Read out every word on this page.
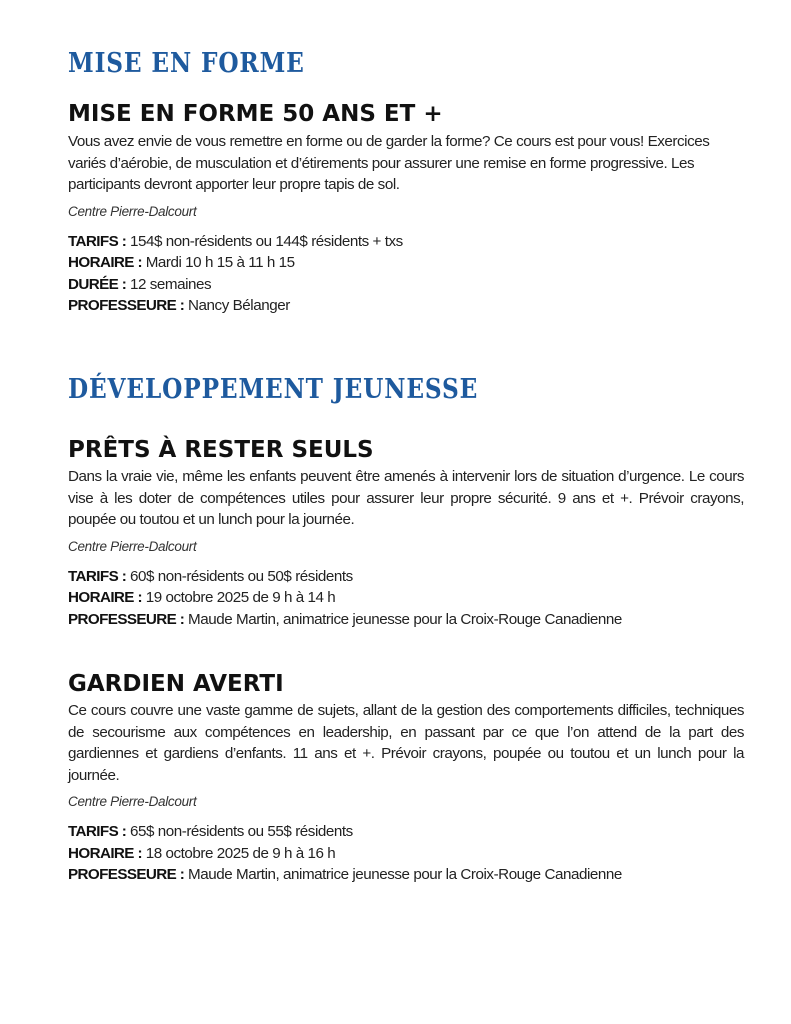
MISE EN FORME
MISE EN FORME 50 ANS ET +

Vous avez envie de vous remettre en forme ou de garder la forme? Ce cours est pour vous! Exercices variés d’aérobie, de musculation et d’étirements pour assurer une remise en forme progressive. Les participants devront apporter leur propre tapis de sol.

Centre Pierre-Dalcourt

TARIFS : 154$ non-résidents ou 144$ résidents + txs
HORAIRE : Mardi 10 h 15 à 11 h 15
DURÉE : 12 semaines
PROFESSEURE : Nancy Bélanger
DÉVELOPPEMENT JEUNESSE
PRÊTS À RESTER SEULS

Dans la vraie vie, même les enfants peuvent être amenés à intervenir lors de situation d’urgence. Le cours vise à les doter de compétences utiles pour assurer leur propre sécurité. 9 ans et +. Prévoir crayons, poupée ou toutou et un lunch pour la journée.

Centre Pierre-Dalcourt

TARIFS : 60$ non-résidents ou 50$ résidents
HORAIRE : 19 octobre 2025 de 9 h à 14 h
PROFESSEURE : Maude Martin, animatrice jeunesse pour la Croix-Rouge Canadienne
GARDIEN AVERTI

Ce cours couvre une vaste gamme de sujets, allant de la gestion des comportements difficiles, techniques de secourisme aux compétences en leadership, en passant par ce que l’on attend de la part des gardiennes et gardiens d’enfants. 11 ans et +. Prévoir crayons, poupée ou toutou et un lunch pour la journée.

Centre Pierre-Dalcourt

TARIFS : 65$ non-résidents ou 55$ résidents
HORAIRE : 18 octobre 2025 de 9 h à 16 h
PROFESSEURE : Maude Martin, animatrice jeunesse pour la Croix-Rouge Canadienne
